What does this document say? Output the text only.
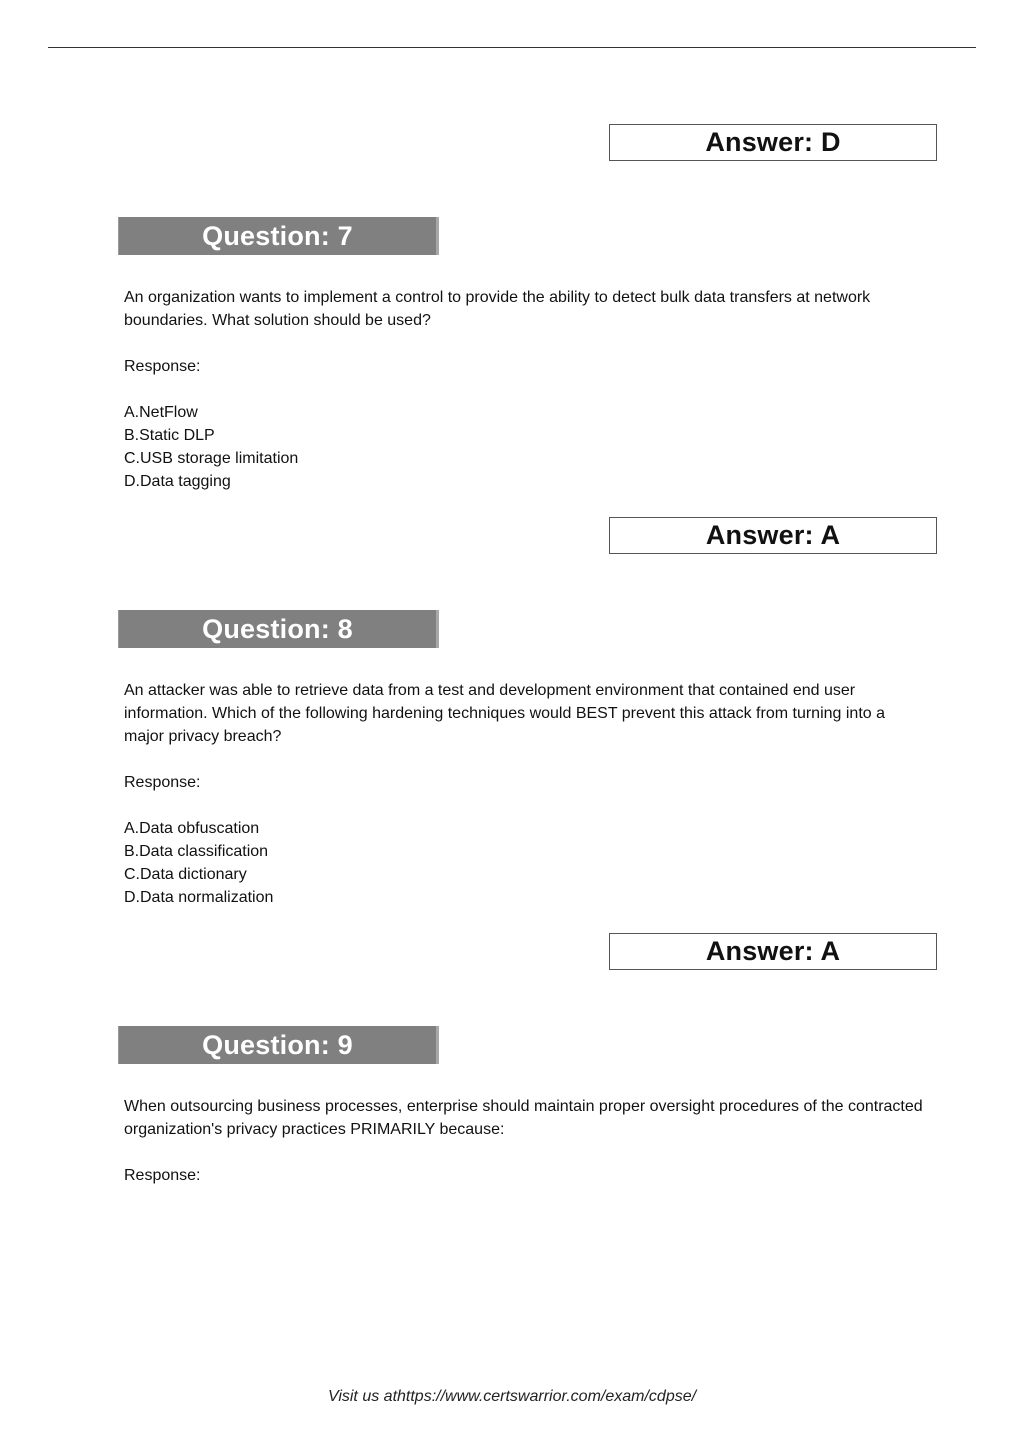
Answer: D
Question: 7

An organization wants to implement a control to provide the ability to detect bulk data transfers at network boundaries. What solution should be used?

Response:

A.NetFlow
B.Static DLP
C.USB storage limitation
D.Data tagging
Answer: A
Question: 8

An attacker was able to retrieve data from a test and development environment that contained end user information. Which of the following hardening techniques would BEST prevent this attack from turning into a major privacy breach?

Response:

A.Data obfuscation
B.Data classification
C.Data dictionary
D.Data normalization
Answer: A
Question: 9

When outsourcing business processes, enterprise should maintain proper oversight procedures of the contracted organization's privacy practices PRIMARILY because:

Response:

Visit us athttps://www.certswarrior.com/exam/cdpse/
